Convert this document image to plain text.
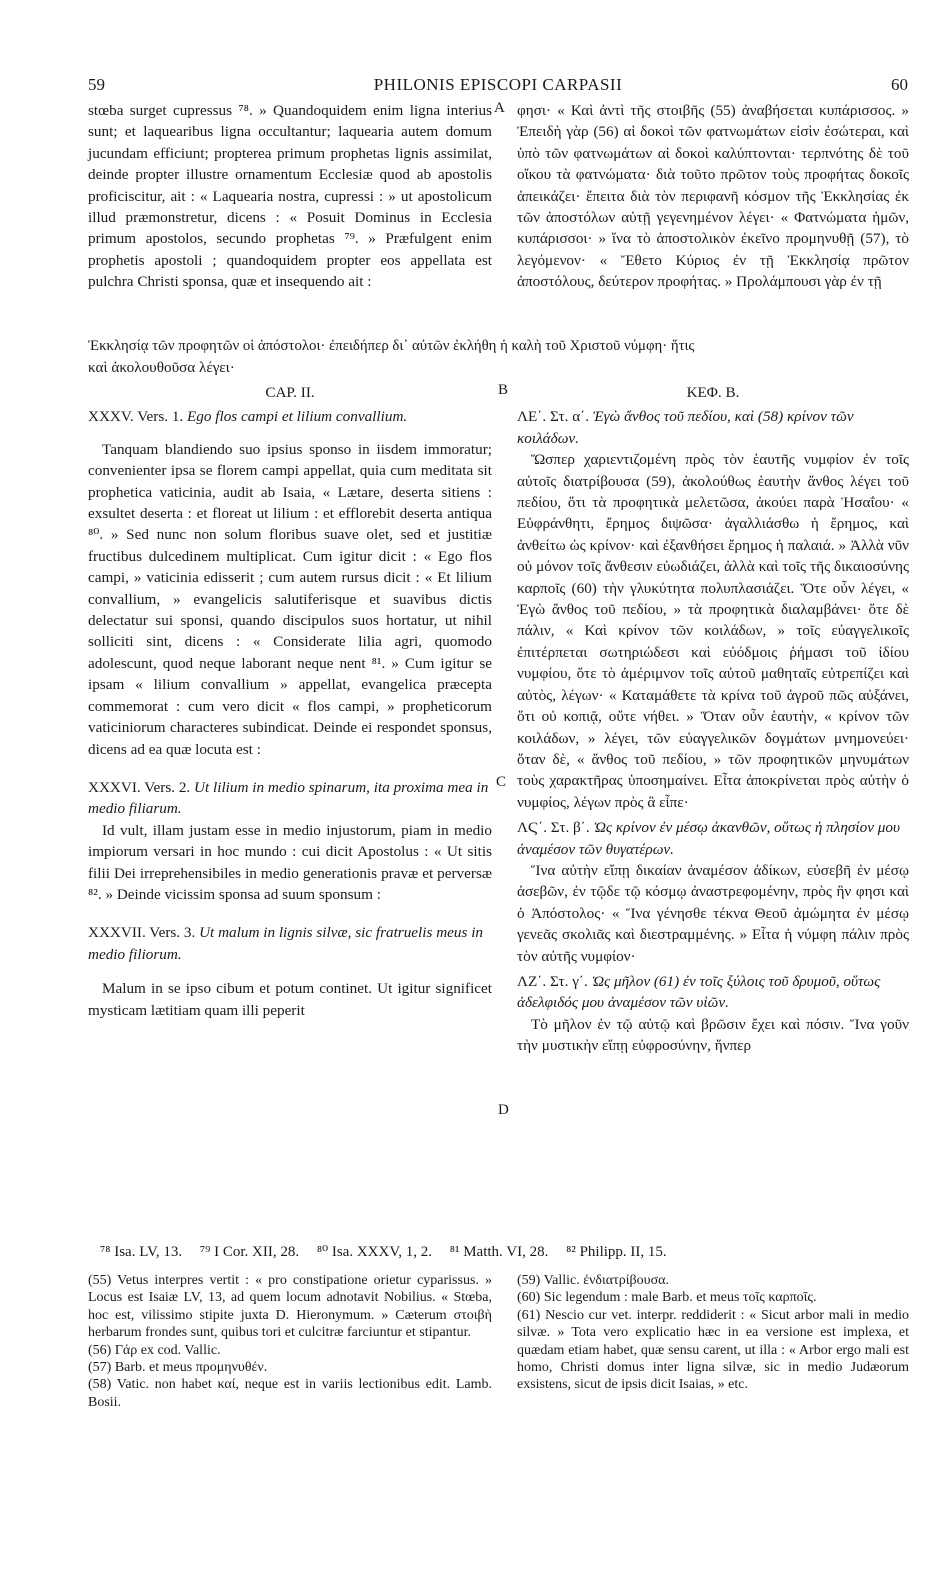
59	PHILONIS EPISCOPI CARPASII	60
A
B
C
D

stœba surget cupressus ⁷⁸. » Quandoquidem enim ligna interius sunt; et laquearibus ligna occultantur; laquearia autem domum jucundam efficiunt; propterea primum prophetas lignis assimilat, deinde propter illustre ornamentum Ecclesiæ quod ab apostolis proficiscitur, ait : « Laquearia nostra, cupressi : » ut apostolicum illud præmonstretur, dicens : « Posuit Dominus in Ecclesia primum apostolos, secundo prophetas ⁷⁹. » Præfulgent enim prophetis apostoli ; quandoquidem propter eos appellata est pulchra Christi sponsa, quæ et insequendo ait :

φησι· « Καὶ ἀντὶ τῆς στοιβῆς (55) ἀναβήσεται κυπάρισσος. » Ἐπειδὴ γὰρ (56) αἱ δοκοὶ τῶν φατνωμάτων εἰσὶν ἐσώτεραι, καὶ ὑπὸ τῶν φατνωμάτων αἱ δοκοὶ καλύπτονται· τερπνότης δὲ τοῦ οἴκου τὰ φατνώματα· διὰ τοῦτο πρῶτον τοὺς προφήτας δοκοῖς ἀπεικάζει· ἔπειτα διὰ τὸν περιφανῆ κόσμον τῆς Ἐκκλησίας ἐκ τῶν ἀποστόλων αὐτῇ γεγενημένον λέγει· « Φατνώματα ἡμῶν, κυπάρισσοι· » ἵνα τὸ ἀποστολικὸν ἐκεῖνο προμηνυθῇ (57), τὸ λεγόμενον· « Ἔθετο Κύριος ἐν τῇ Ἐκκλησίᾳ πρῶτον ἀποστόλους, δεύτερον προφήτας. » Προλάμπουσι γὰρ ἐν τῇ

Ἐκκλησίᾳ τῶν προφητῶν οἱ ἀπόστολοι· ἐπειδήπερ δι᾽ αὐτῶν ἐκλήθη ἡ καλὴ τοῦ Χριστοῦ νύμφη· ἥτις

καὶ ἀκολουθοῦσα λέγει·

CAP. II.

XXXV. Vers. 1. Ego flos campi et lilium convallium.

Tanquam blandiendo suo ipsius sponso in iisdem immoratur; convenienter ipsa se florem campi appellat, quia cum meditata sit prophetica vaticinia, audit ab Isaia, « Lætare, deserta sitiens : exsultet deserta : et floreat ut lilium : et efflorebit deserta antiqua ⁸⁰. » Sed nunc non solum floribus suave olet, sed et justitiæ fructibus dulcedinem multiplicat. Cum igitur dicit : « Ego flos campi, » vaticinia edisserit ; cum autem rursus dicit : « Et lilium convallium, » evangelicis salutiferisque et suavibus dictis delectatur sui sponsi, quando discipulos suos hortatur, ut nihil solliciti sint, dicens : « Considerate lilia agri, quomodo adolescunt, quod neque laborant neque nent ⁸¹. » Cum igitur se ipsam « lilium convallium » appellat, evangelica præcepta commemorat : cum vero dicit « flos campi, » propheticorum vaticiniorum characteres subindicat. Deinde ei respondet sponsus, dicens ad ea quæ locuta est :

XXXVI. Vers. 2. Ut lilium in medio spinarum, ita proxima mea in medio filiarum.

Id vult, illam justam esse in medio injustorum, piam in medio impiorum versari in hoc mundo : cui dicit Apostolus : « Ut sitis filii Dei irreprehensibiles in medio generationis pravæ et perversæ ⁸². » Deinde vicissim sponsa ad suum sponsum :

XXXVII. Vers. 3. Ut malum in lignis silvæ, sic fratruelis meus in medio filiorum.

Malum in se ipso cibum et potum continet. Ut igitur significet mysticam lætitiam quam illi peperit

ΚΕΦ. Β.

ΛΕ΄. Στ. α΄. Ἐγὼ ἄνθος τοῦ πεδίου, καὶ (58) κρίνον τῶν κοιλάδων.

Ὥσπερ χαριεντιζομένη πρὸς τὸν ἑαυτῆς νυμφίον ἐν τοῖς αὐτοῖς διατρίβουσα (59), ἀκολούθως ἑαυτὴν ἄνθος λέγει τοῦ πεδίου, ὅτι τὰ προφητικὰ μελετῶσα, ἀκούει παρὰ Ἡσαΐου· « Εὐφράνθητι, ἔρημος διψῶσα· ἀγαλλιάσθω ἡ ἔρημος, καὶ ἀνθείτω ὡς κρίνον· καὶ ἐξανθήσει ἔρημος ἡ παλαιά. » Ἀλλὰ νῦν οὐ μόνον τοῖς ἄνθεσιν εὐωδιάζει, ἀλλὰ καὶ τοῖς τῆς δικαιοσύνης καρποῖς (60) τὴν γλυκύτητα πολυπλασιάζει. Ὅτε οὖν λέγει, « Ἐγὼ ἄνθος τοῦ πεδίου, » τὰ προφητικὰ διαλαμβάνει· ὅτε δὲ πάλιν, « Καὶ κρίνον τῶν κοιλάδων, » τοῖς εὐαγγελικοῖς ἐπιτέρπεται σωτηριώδεσι καὶ εὐόδμοις ῥήμασι τοῦ ἰδίου νυμφίου, ὅτε τὸ ἀμέριμνον τοῖς αὐτοῦ μαθηταῖς εὐτρεπίζει καὶ αὐτὸς, λέγων· « Καταμάθετε τὰ κρίνα τοῦ ἀγροῦ πῶς αὐξάνει, ὅτι οὐ κοπιᾷ, οὔτε νήθει. » Ὅταν οὖν ἑαυτὴν, « κρίνον τῶν κοιλάδων, » λέγει, τῶν εὐαγγελικῶν δογμάτων μνημονεύει· ὅταν δὲ, « ἄνθος τοῦ πεδίου, » τῶν προφητικῶν μηνυμάτων τοὺς χαρακτῆρας ὑποσημαίνει. Εἶτα ἀποκρίνεται πρὸς αὐτὴν ὁ νυμφίος, λέγων πρὸς ἃ εἶπε·

ΛϚ΄. Στ. β΄. Ὡς κρίνον ἐν μέσῳ ἀκανθῶν, οὕτως ἡ πλησίον μου ἀναμέσον τῶν θυγατέρων.

Ἵνα αὐτὴν εἴπῃ δικαίαν ἀναμέσον ἀδίκων, εὐσεβῆ ἐν μέσῳ ἀσεβῶν, ἐν τῷδε τῷ κόσμῳ ἀναστρεφομένην, πρὸς ἣν φησι καὶ ὁ Ἀπόστολος· « Ἵνα γένησθε τέκνα Θεοῦ ἀμώμητα ἐν μέσῳ γενεᾶς σκολιᾶς καὶ διεστραμμένης. » Εἶτα ἡ νύμφη πάλιν πρὸς τὸν αὐτῆς νυμφίον·

ΛΖ΄. Στ. γ΄. Ὡς μῆλον (61) ἐν τοῖς ξύλοις τοῦ δρυμοῦ, οὕτως ἀδελφιδός μου ἀναμέσον τῶν υἱῶν.

Τὸ μῆλον ἐν τῷ αὐτῷ καὶ βρῶσιν ἔχει καὶ πόσιν. Ἵνα γοῦν τὴν μυστικὴν εἴπῃ εὐφροσύνην, ἥνπερ

⁷⁸ Isa. LV, 13. ⁷⁹ I Cor. XII, 28. ⁸⁰ Isa. XXXV, 1, 2. ⁸¹ Matth. VI, 28. ⁸² Philipp. II, 15.

(55) Vetus interpres vertit : « pro constipatione orietur cyparissus. » Locus est Isaiæ LV, 13, ad quem locum adnotavit Nobilius. « Stœba, hoc est, vilissimo stipite juxta D. Hieronymum. » Cæterum στοιβὴ herbarum frondes sunt, quibus tori et culcitræ farciuntur et stipantur.

(56) Γάρ ex cod. Vallic.

(57) Barb. et meus προμηνυθέν.

(58) Vatic. non habet καί, neque est in variis lectionibus edit. Lamb. Bosii.

(59) Vallic. ἐνδιατρίβουσα.

(60) Sic legendum : male Barb. et meus τοῖς καρποῖς.

(61) Nescio cur vet. interpr. reddiderit : « Sicut arbor mali in medio silvæ. » Tota vero explicatio hæc in ea versione est implexa, et quædam etiam habet, quæ sensu carent, ut illa : « Arbor ergo mali est homo, Christi domus inter ligna silvæ, sic in medio Judæorum exsistens, sicut de ipsis dicit Isaias, » etc.
